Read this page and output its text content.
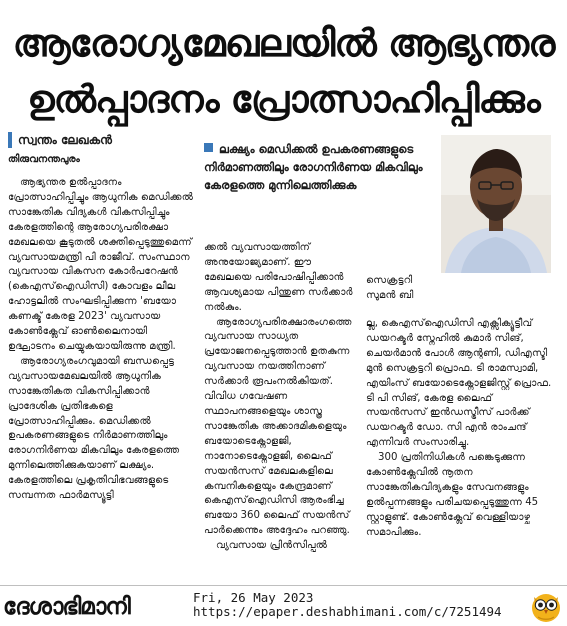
ആരോഗ്യമേഖലയിൽ ആഭ്യന്തര
ഉൽപ്പാദനം പ്രോത്സാഹിപ്പിക്കും
സ്വന്തം ലേഖകൻ
തിരുവനന്തപുരം
ലക്ഷ്യം മെഡിക്കൽ ഉപകരണങ്ങളുടെ നിർമാണത്തിലും രോഗനിർണയ മികവിലും കേരളത്തെ മുന്നിലെത്തിക്കുക

ആഭ്യന്തര ഉൽപ്പാദനം പ്രോത്സാഹിപ്പിച്ചും ആധുനിക മെഡിക്കൽ സാങ്കേതിക വിദ്യകൾ വികസിപ്പിച്ചും കേരളത്തിന്റെ ആരോഗ്യപരിരക്ഷാ മേഖലയെ കൂടുതൽ ശക്തിപ്പെടുത്തുമെന്ന് വ്യവസായമന്ത്രി പി രാജീവ്. സംസ്ഥാന വ്യവസായ വികസന കോർപറേഷൻ (കെഎസ്ഐഡിസി) കോവളം ലീല ഹോട്ടലിൽ സംഘടിപ്പിക്കുന്ന 'ബയോ കണക്ട് കേരള 2023' വ്യവസായ കോൺക്ലേവ് ഓൺലൈനായി ഉദ്ഘാടനം ചെയ്യുകയായിരുന്നു മന്ത്രി.

ആരോഗ്യരംഗവുമായി ബന്ധപ്പെട്ട വ്യവസായമേഖലയിൽ ആധുനിക സാങ്കേതികത വികസിപ്പിക്കാൻ പ്രാദേശിക പ്രതിഭകളെ പ്രോത്സാഹിപ്പിക്കും. മെഡിക്കൽ ഉപകരണങ്ങളുടെ നിർമാണത്തിലും രോഗനിർണയ മികവിലും കേരളത്തെ മുന്നിലെത്തിക്കുകയാണ് ലക്ഷ്യം. കേരളത്തിലെ പ്രകൃതിവിഭവങ്ങളുടെ സമ്പന്നത ഫാർമസ്യൂട്ടി

ക്കൽ വ്യവസായത്തിന് അനുയോജ്യമാണ്. ഈ മേഖലയെ പരിപോഷിപ്പിക്കാൻ ആവശ്യമായ പിന്തുണ സർക്കാർ നൽകും.

ആരോഗ്യപരിരക്ഷാരംഗത്തെ വ്യവസായ സാധ്യത പ്രയോജനപ്പെടുത്താൻ ഉതകുന്ന വ്യവസായ നയത്തിനാണ് സർക്കാർ രൂപംനൽകിയത്. വിവിധ ഗവേഷണ സ്ഥാപനങ്ങളെയും ശാസ്ത്ര സാങ്കേതിക അക്കാദമികളെയും ബയോടെക്നോളജി, നാനോടെക്നോളജി, ലൈഫ് സയൻസസ് മേഖലകളിലെ കമ്പനികളെയും കേന്ദ്രമാണ് കെഎസ്ഐഡിസി ആരംഭിച്ച ബയോ 360 ലൈഫ് സയൻസ് പാർക്കെന്നും അദ്ദേഹം പറഞ്ഞു.

വ്യവസായ പ്രിൻസിപ്പൽ

സെക്രട്ടറി സുമൻ ബി

ല്ല, കെഎസ്ഐഡിസി എക്സിക്യൂട്ടീവ് ഡയറക്ടർ സ്നേഹിൽ കുമാർ സിങ്, ചെയർമാൻ പോൾ ആന്റണി, ഡിഎസ്ടി മുൻ സെക്രട്ടറി പ്രൊഫ. ടി രാമസ്വാമി, എയിംസ് ബയോടെക്നോളജിസ്റ്റ് പ്രൊഫ. ടി പി സിങ്, കേരള ലൈഫ് സയൻസസ് ഇൻഡസ്ട്രീസ് പാർക്ക് ഡയറക്ടർ ഡോ. സി എൻ രാംചന്ദ് എന്നിവർ സംസാരിച്ചു.

300 പ്രതിനിധികൾ പങ്കെടുക്കുന്ന കോൺക്ലേവിൽ നൂതന സാങ്കേതികവിദ്യകളും സേവനങ്ങളും ഉൽപ്പന്നങ്ങളും പരിചയപ്പെടുത്തുന്ന 45 സ്റ്റാളുണ്ട്. കോൺക്ലേവ് വെള്ളിയാഴ്ച സമാപിക്കും.

ദേശാഭിമാനി	Fri, 26 May 2023
https://epaper.deshabhimani.com/c/7251494
